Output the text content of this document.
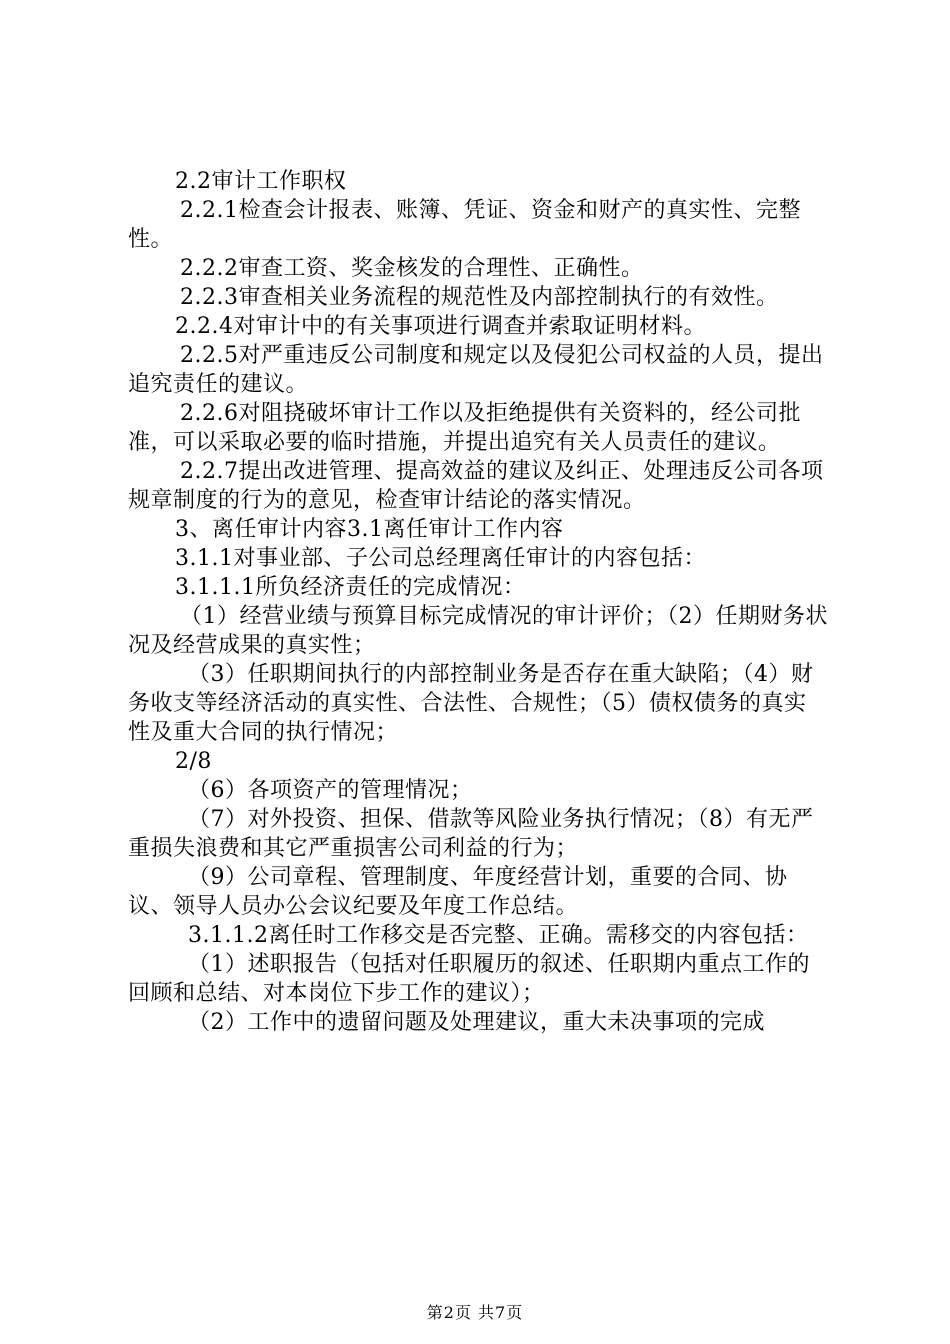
2.2审计工作职权

2.2.1检查会计报表、账簿、凭证、资金和财产的真实性、完整性。

2.2.2审查工资、奖金核发的合理性、正确性。

2.2.3审查相关业务流程的规范性及内部控制执行的有效性。

2.2.4对审计中的有关事项进行调查并索取证明材料。

2.2.5对严重违反公司制度和规定以及侵犯公司权益的人员，提出追究责任的建议。

2.2.6对阻挠破坏审计工作以及拒绝提供有关资料的，经公司批准，可以采取必要的临时措施，并提出追究有关人员责任的建议。

2.2.7提出改进管理、提高效益的建议及纠正、处理违反公司各项规章制度的行为的意见，检查审计结论的落实情况。

3、离任审计内容3.1离任审计工作内容

3.1.1对事业部、子公司总经理离任审计的内容包括：

3.1.1.1所负经济责任的完成情况：

（1）经营业绩与预算目标完成情况的审计评价；（2）任期财务状况及经营成果的真实性；

（3）任职期间执行的内部控制业务是否存在重大缺陷；（4）财务收支等经济活动的真实性、合法性、合规性；（5）债权债务的真实性及重大合同的执行情况；

2/8

（6）各项资产的管理情况；

（7）对外投资、担保、借款等风险业务执行情况；（8）有无严重损失浪费和其它严重损害公司利益的行为；

（9）公司章程、管理制度、年度经营计划，重要的合同、协议、领导人员办公会议纪要及年度工作总结。

3.1.1.2离任时工作移交是否完整、正确。需移交的内容包括：

（1）述职报告（包括对任职履历的叙述、任职期内重点工作的回顾和总结、对本岗位下步工作的建议）；

（2）工作中的遗留问题及处理建议，重大未决事项的完成

第2页 共7页
